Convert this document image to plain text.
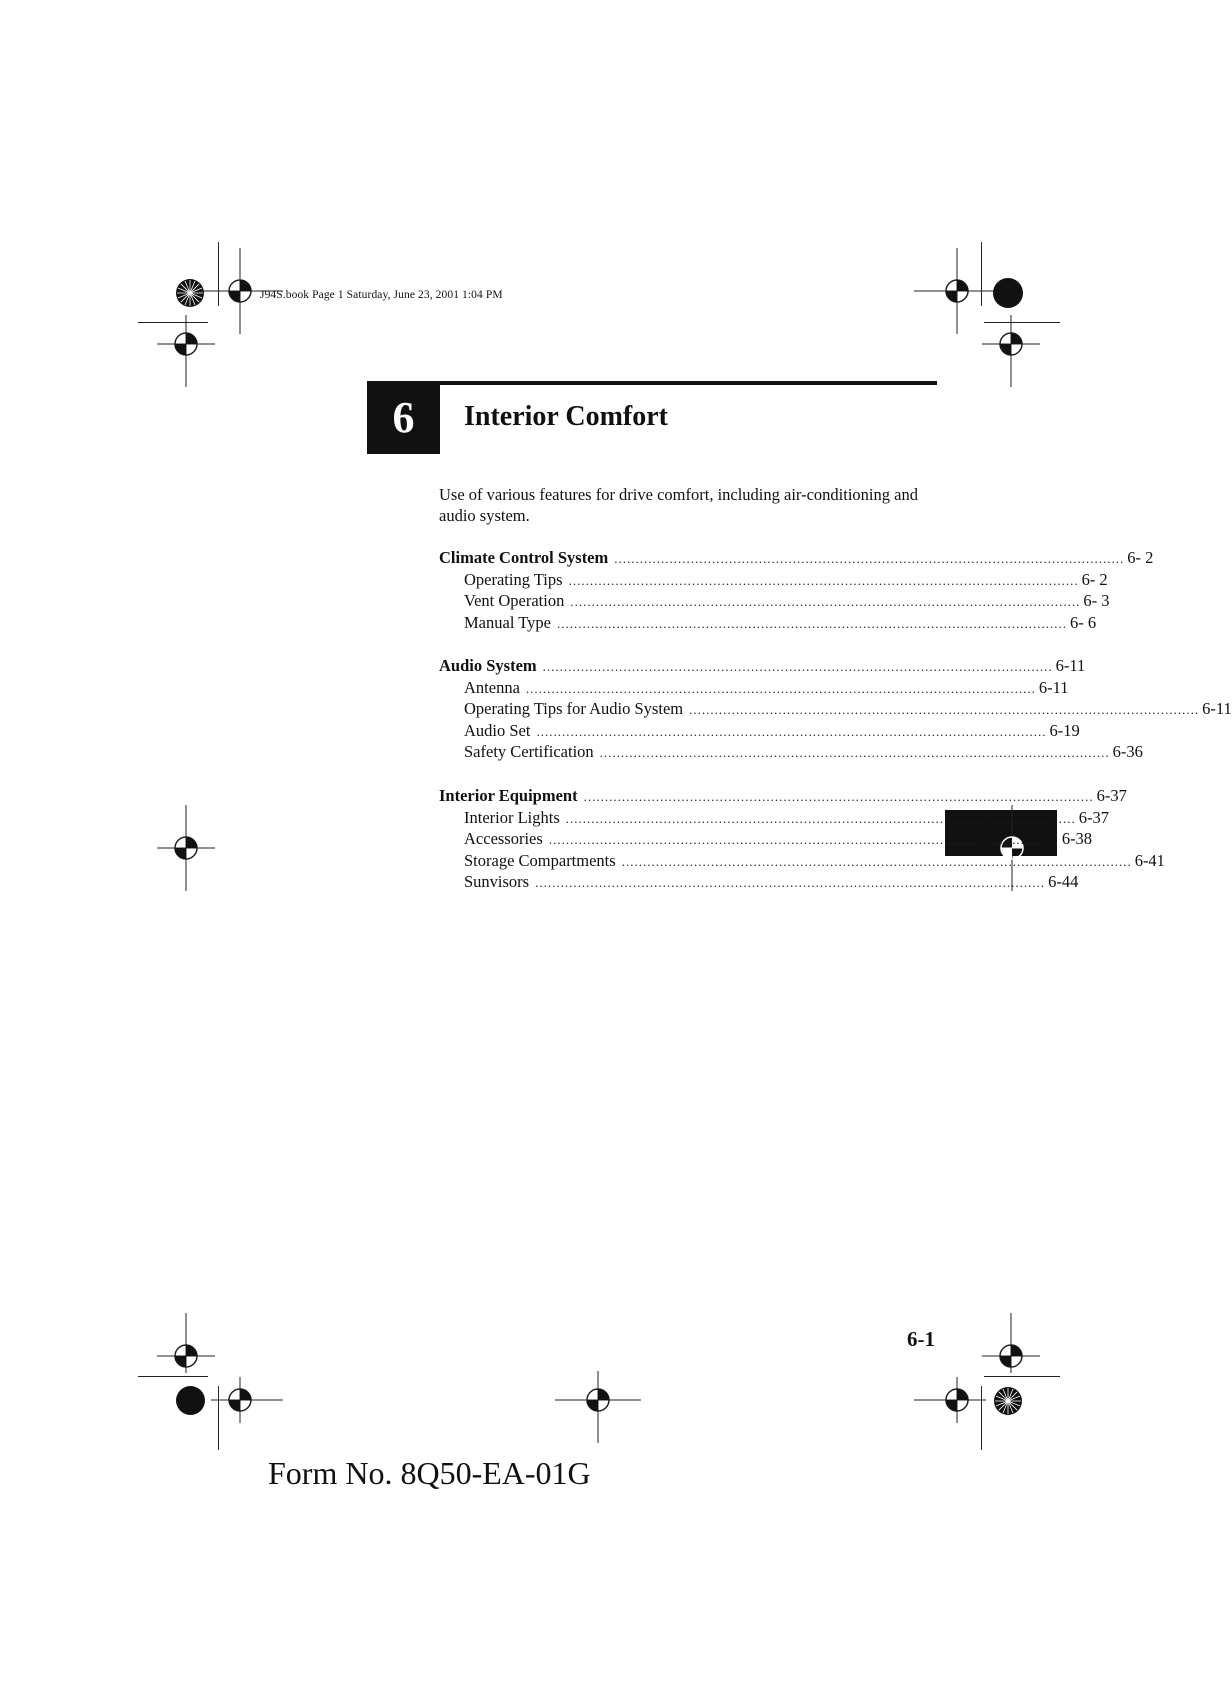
J94S.book Page 1 Saturday, June 23, 2001 1:04 PM
6	Interior Comfort
Use of various features for drive comfort, including air-conditioning and audio system.
Climate Control System ........................................................................................................................ 6- 2
Operating Tips ........................................................................................................................ 6- 2
Vent Operation ........................................................................................................................ 6- 3
Manual Type ........................................................................................................................ 6- 6
Audio System ........................................................................................................................ 6-11
Antenna ........................................................................................................................ 6-11
Operating Tips for Audio System ........................................................................................................................ 6-11
Audio Set ........................................................................................................................ 6-19
Safety Certification ........................................................................................................................ 6-36
Interior Equipment ........................................................................................................................ 6-37
Interior Lights ........................................................................................................................ 6-37
Accessories ........................................................................................................................ 6-38
Storage Compartments ........................................................................................................................ 6-41
Sunvisors ........................................................................................................................ 6-44
6-1
Form No. 8Q50-EA-01G
